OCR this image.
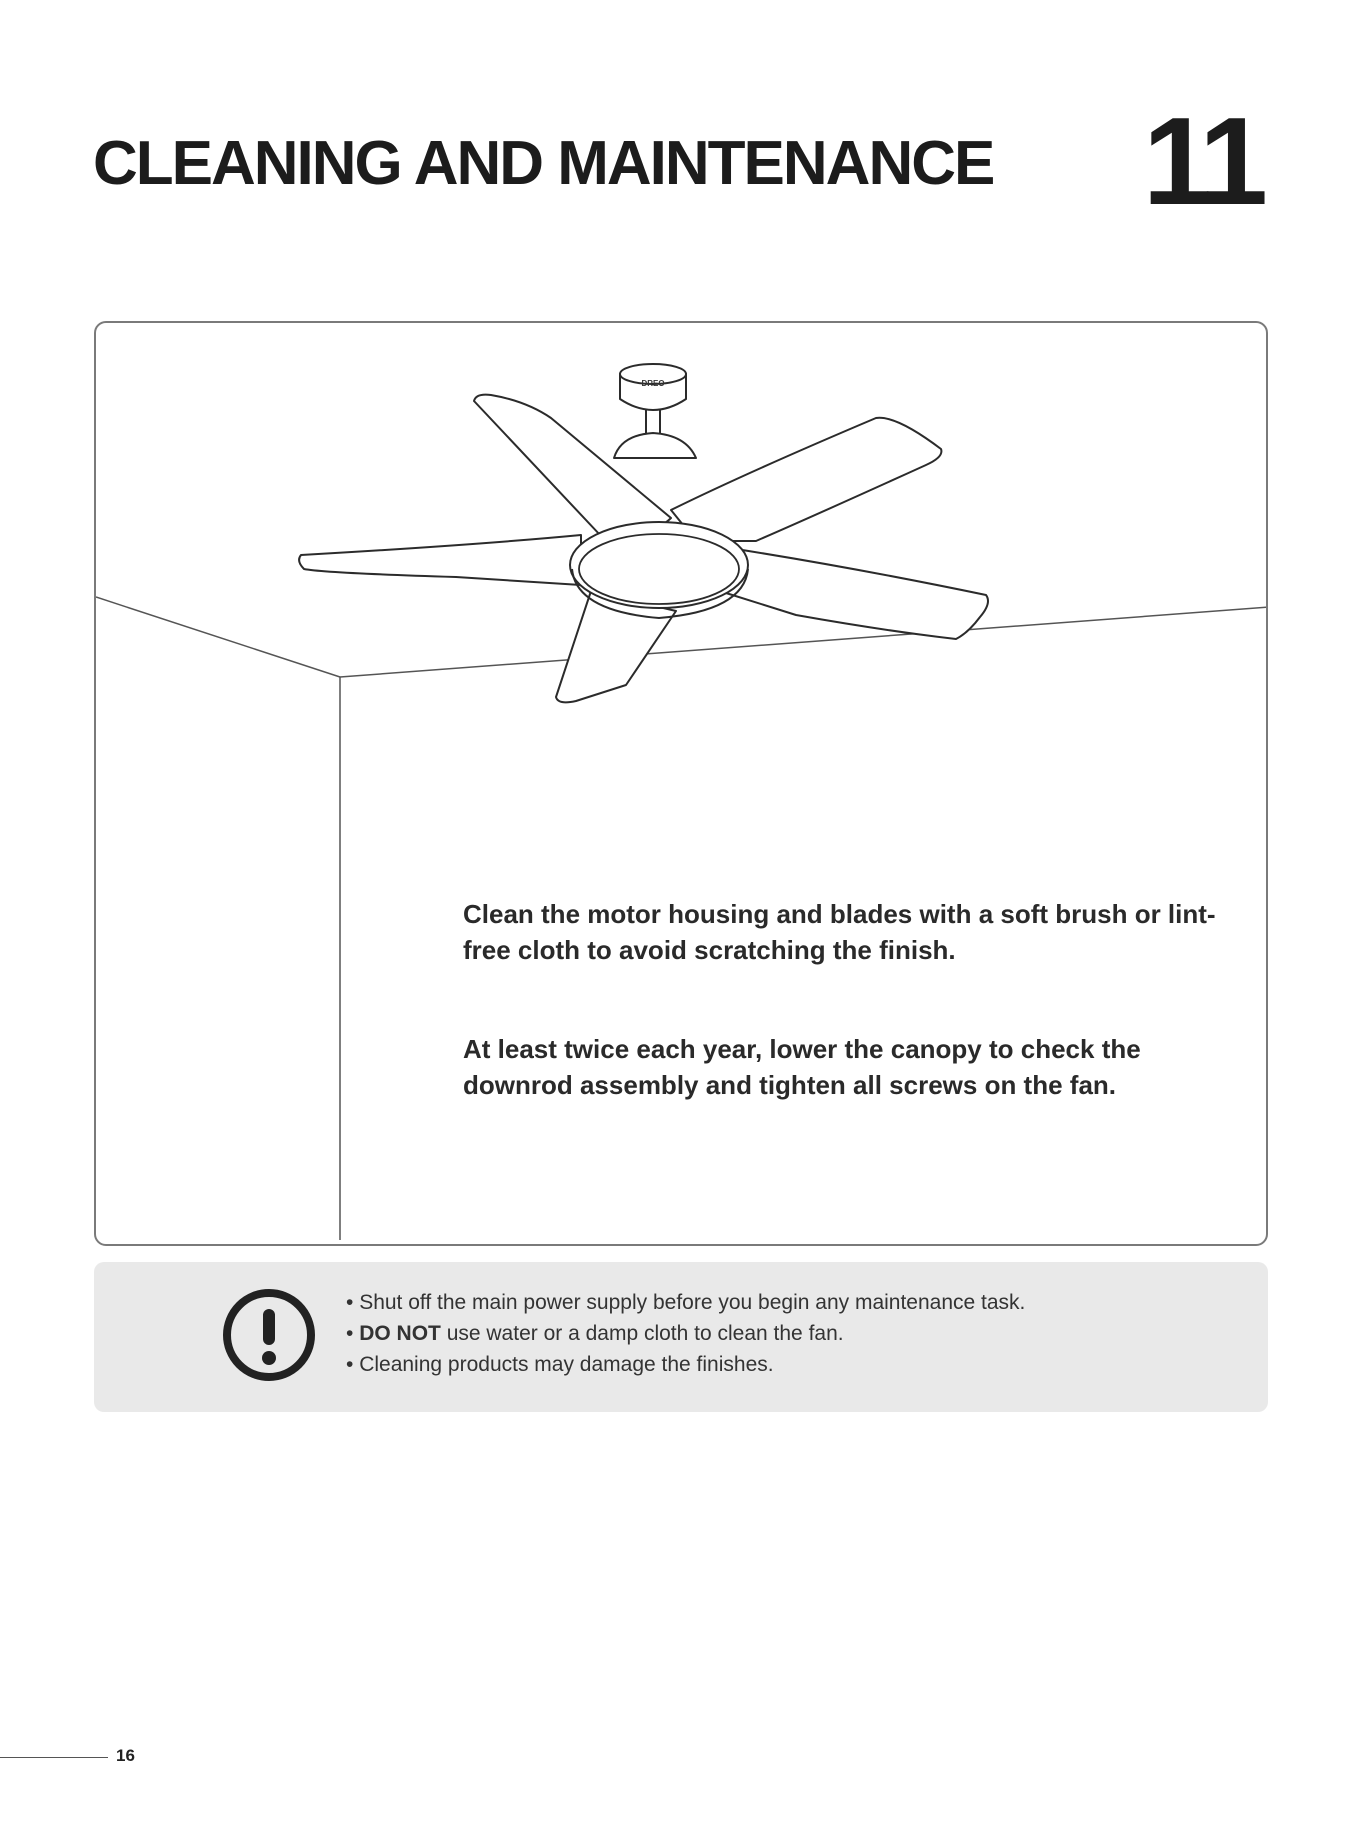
CLEANING AND MAINTENANCE 11
DREO

Clean the motor housing and blades with a soft brush or lint-free cloth to avoid scratching the finish.

At least twice each year, lower the canopy to check the downrod assembly and tighten all screws on the fan.

• Shut off the main power supply before you begin any maintenance task.
• DO NOT use water or a damp cloth to clean the fan.
• Cleaning products may damage the finishes.
16
